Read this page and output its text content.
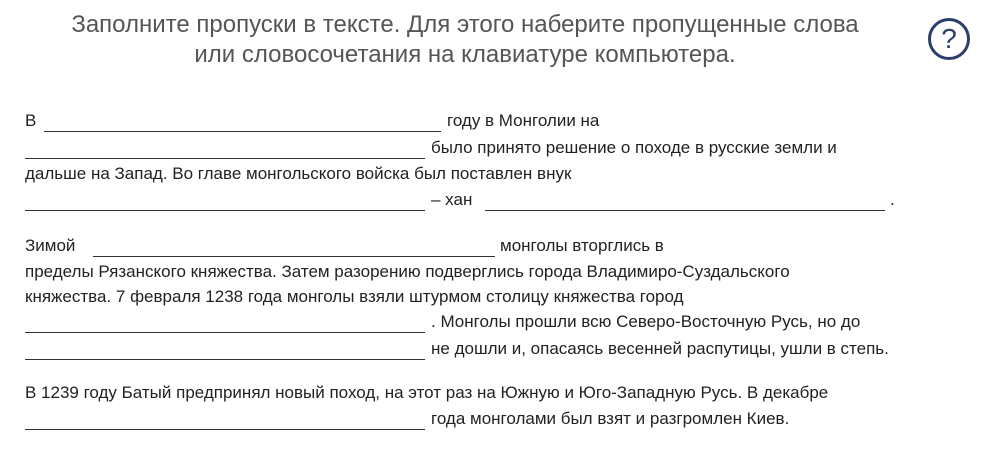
Заполните пропуски в тексте. Для этого наберите пропущенные слова
или словосочетания на клавиатуре компьютера.
?
В	году в Монголии на
было принято решение о походе в русские земли и
дальше на Запад. Во главе монгольского войска был поставлен внук
– хан	.
Зимой	монголы вторглись в
пределы Рязанского княжества. Затем разорению подверглись города Владимиро-Суздальского
княжества. 7 февраля 1238 года монголы взяли штурмом столицу княжества город
. Монголы прошли всю Северо-Восточную Русь, но до
не дошли и, опасаясь весенней распутицы, ушли в степь.
В 1239 году Батый предпринял новый поход, на этот раз на Южную и Юго-Западную Русь. В декабре
года монголами был взят и разгромлен Киев.
